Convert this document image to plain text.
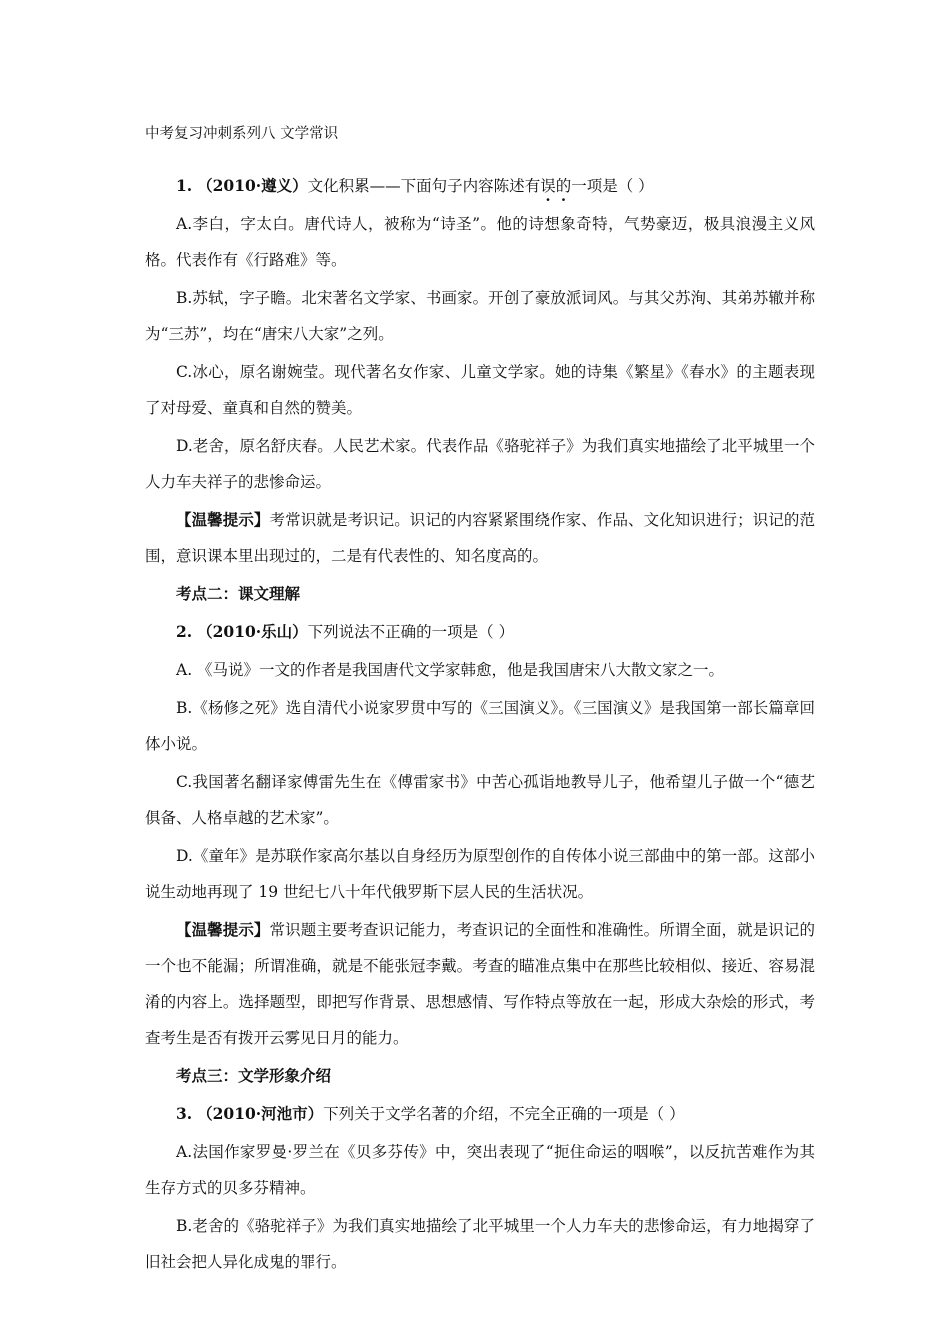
中考复习冲刺系列八 文学常识

1. （2010·遵义）文化积累——下面句子内容陈述有误的一项是（ ）

A.李白，字太白。唐代诗人，被称为“诗圣”。他的诗想象奇特，气势豪迈，极具浪漫主义风格。代表作有《行路难》等。

B.苏轼，字子瞻。北宋著名文学家、书画家。开创了豪放派词风。与其父苏洵、其弟苏辙并称为“三苏”，均在“唐宋八大家”之列。

C.冰心，原名谢婉莹。现代著名女作家、儿童文学家。她的诗集《繁星》《春水》的主题表现了对母爱、童真和自然的赞美。

D.老舍，原名舒庆春。人民艺术家。代表作品《骆驼祥子》为我们真实地描绘了北平城里一个人力车夫祥子的悲惨命运。

【温馨提示】考常识就是考识记。识记的内容紧紧围绕作家、作品、文化知识进行；识记的范围，意识课本里出现过的，二是有代表性的、知名度高的。

考点二：课文理解

2. （2010·乐山）下列说法不正确的一项是（ ）

A. 《马说》一文的作者是我国唐代文学家韩愈，他是我国唐宋八大散文家之一。

B.《杨修之死》选自清代小说家罗贯中写的《三国演义》。《三国演义》是我国第一部长篇章回体小说。

C.我国著名翻译家傅雷先生在《傅雷家书》中苦心孤诣地教导儿子，他希望儿子做一个“德艺俱备、人格卓越的艺术家”。

D.《童年》是苏联作家高尔基以自身经历为原型创作的自传体小说三部曲中的第一部。这部小说生动地再现了 19 世纪七八十年代俄罗斯下层人民的生活状况。

【温馨提示】常识题主要考查识记能力，考查识记的全面性和准确性。所谓全面，就是识记的一个也不能漏；所谓准确，就是不能张冠李戴。考查的瞄准点集中在那些比较相似、接近、容易混淆的内容上。选择题型，即把写作背景、思想感情、写作特点等放在一起，形成大杂烩的形式，考查考生是否有拨开云雾见日月的能力。

考点三：文学形象介绍

3. （2010·河池市）下列关于文学名著的介绍，不完全正确的一项是（ ）

A.法国作家罗曼·罗兰在《贝多芬传》中，突出表现了“扼住命运的咽喉”，以反抗苦难作为其生存方式的贝多芬精神。

B.老舍的《骆驼祥子》为我们真实地描绘了北平城里一个人力车夫的悲惨命运，有力地揭穿了旧社会把人异化成鬼的罪行。
